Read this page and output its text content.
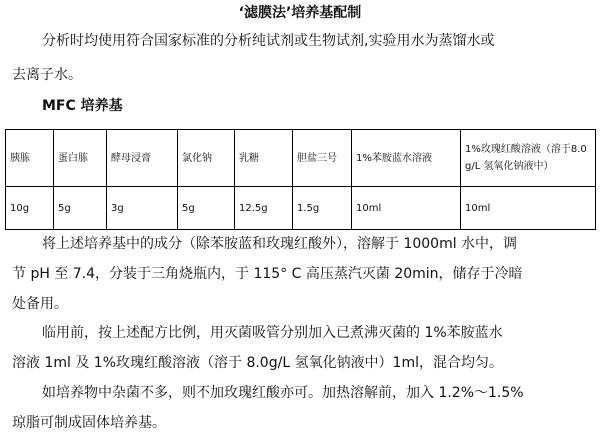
‘滤膜法’培养基配制
分析时均使用符合国家标准的分析纯试剂或生物试剂,实验用水为蒸馏水或
去离子水。
MFC 培养基
胰胨	蛋白胨	酵母浸膏	氯化钠	乳糖	胆盐三号	1%苯胺蓝水溶液	1%玫瑰红酸溶液（溶于8.0g/L 氢氧化钠液中）
10g	5g	3g	5g	12.5g	1.5g	10ml	10ml
将上述培养基中的成分（除苯胺蓝和玫瑰红酸外），溶解于 1000ml 水中，调
节 pH 至 7.4，分装于三角烧瓶内，于 115° C 高压蒸汽灭菌 20min，储存于冷暗
处备用。
临用前，按上述配方比例，用灭菌吸管分别加入已煮沸灭菌的 1%苯胺蓝水
溶液 1ml 及 1%玫瑰红酸溶液（溶于 8.0g/L 氢氧化钠液中）1ml，混合均匀。
如培养物中杂菌不多，则不加玫瑰红酸亦可。加热溶解前，加入 1.2%～1.5%
琼脂可制成固体培养基。
